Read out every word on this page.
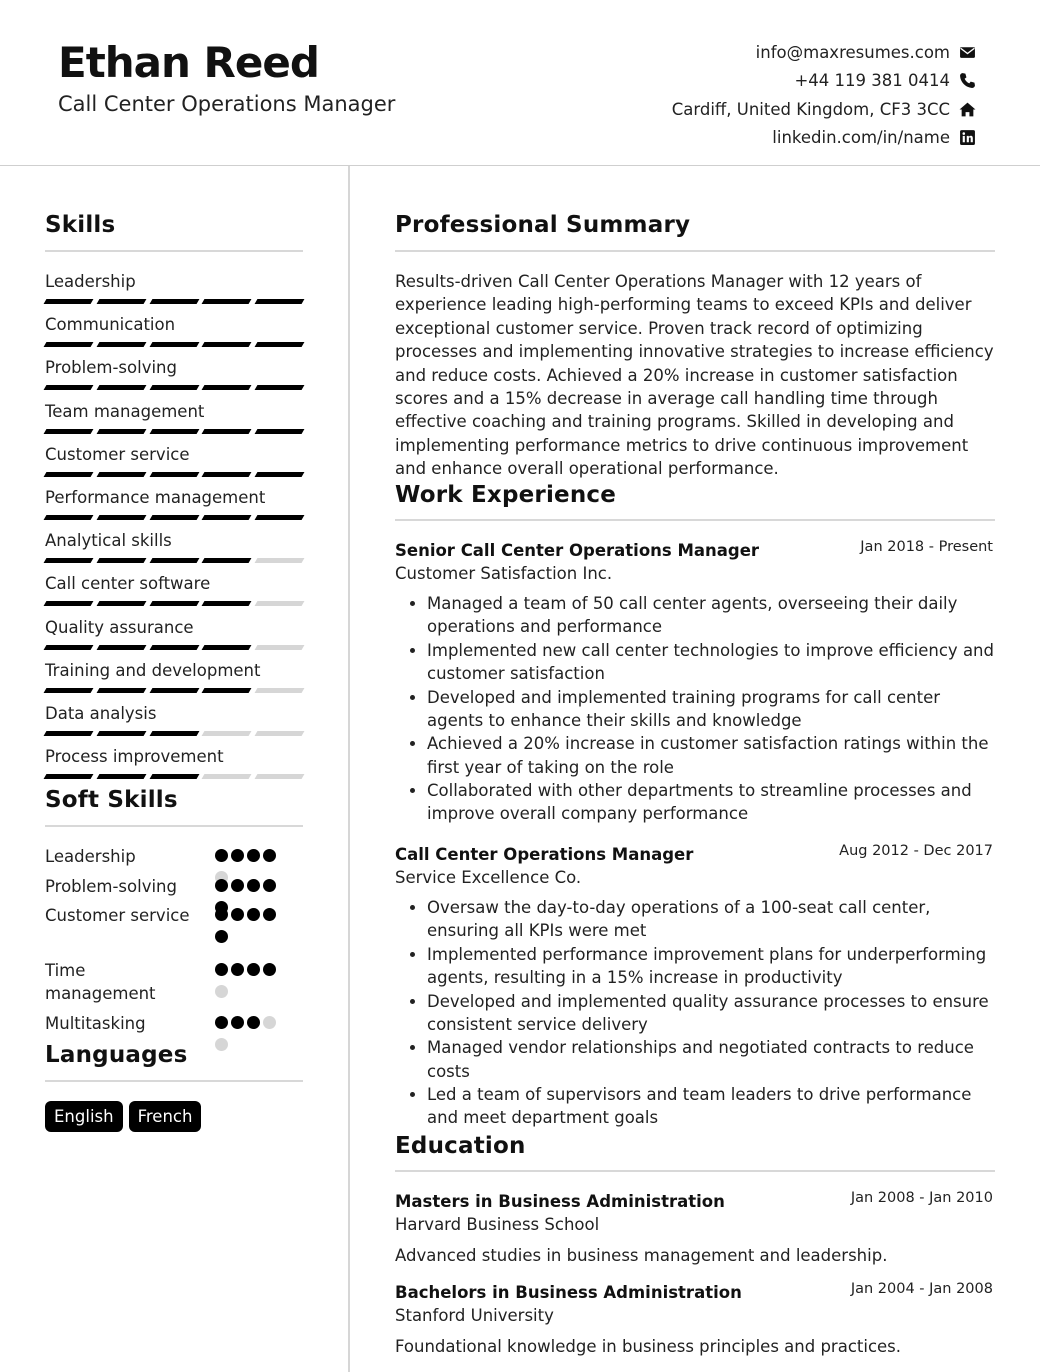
Ethan Reed
Call Center Operations Manager
info@maxresumes.com
+44 119 381 0414
Cardiff, United Kingdom, CF3 3CC
linkedin.com/in/name
Skills
Leadership
Communication
Problem-solving
Team management
Customer service
Performance management
Analytical skills
Call center software
Quality assurance
Training and development
Data analysis
Process improvement
Soft Skills
Leadership
Problem-solving
Customer service
Time management
Multitasking
Languages
English	French
Professional Summary
Results-driven Call Center Operations Manager with 12 years of experience leading high-performing teams to exceed KPIs and deliver exceptional customer service. Proven track record of optimizing processes and implementing innovative strategies to increase efficiency and reduce costs. Achieved a 20% increase in customer satisfaction scores and a 15% decrease in average call handling time through effective coaching and training programs. Skilled in developing and implementing performance metrics to drive continuous improvement and enhance overall operational performance.
Work Experience
Senior Call Center Operations Manager	Jan 2018 - Present
Customer Satisfaction Inc.
• Managed a team of 50 call center agents, overseeing their daily operations and performance
• Implemented new call center technologies to improve efficiency and customer satisfaction
• Developed and implemented training programs for call center agents to enhance their skills and knowledge
• Achieved a 20% increase in customer satisfaction ratings within the first year of taking on the role
• Collaborated with other departments to streamline processes and improve overall company performance
Call Center Operations Manager	Aug 2012 - Dec 2017
Service Excellence Co.
• Oversaw the day-to-day operations of a 100-seat call center, ensuring all KPIs were met
• Implemented performance improvement plans for underperforming agents, resulting in a 15% increase in productivity
• Developed and implemented quality assurance processes to ensure consistent service delivery
• Managed vendor relationships and negotiated contracts to reduce costs
• Led a team of supervisors and team leaders to drive performance and meet department goals
Education
Masters in Business Administration	Jan 2008 - Jan 2010
Harvard Business School
Advanced studies in business management and leadership.
Bachelors in Business Administration	Jan 2004 - Jan 2008
Stanford University
Foundational knowledge in business principles and practices.
